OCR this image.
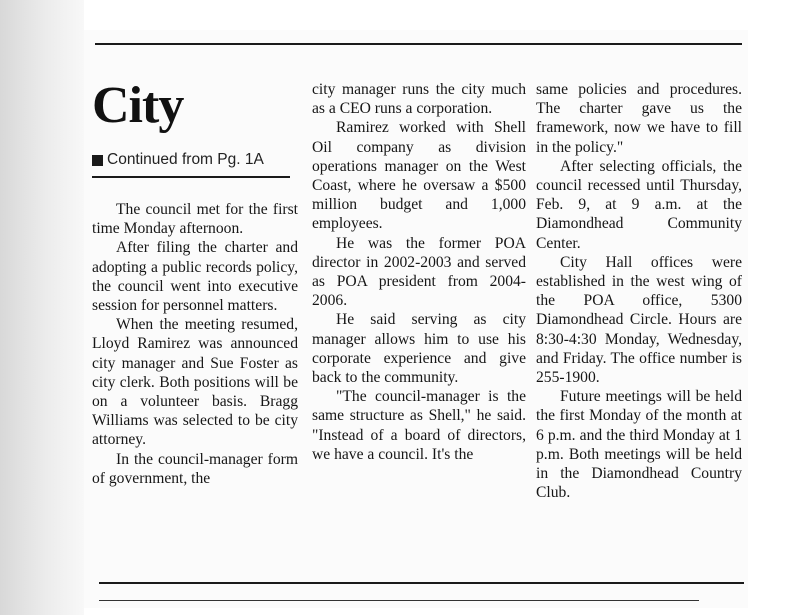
City
Continued from Pg. 1A

The council met for the first time Monday afternoon.

After filing the charter and adopting a public records policy, the council went into executive session for personnel matters.

When the meeting resumed, Lloyd Ramirez was announced city manager and Sue Foster as city clerk. Both positions will be on a volunteer basis. Bragg Williams was selected to be city attorney.

In the council-manager form of government, the

city manager runs the city much as a CEO runs a corporation.

Ramirez worked with Shell Oil company as division operations manager on the West Coast, where he oversaw a $500 million budget and 1,000 employees.

He was the former POA director in 2002-2003 and served as POA president from 2004-2006.

He said serving as city manager allows him to use his corporate experience and give back to the community.

"The council-manager is the same structure as Shell," he said. "Instead of a board of directors, we have a council. It's the

same policies and procedures. The charter gave us the framework, now we have to fill in the policy."

After selecting officials, the council recessed until Thursday, Feb. 9, at 9 a.m. at the Diamondhead Community Center.

City Hall offices were established in the west wing of the POA office, 5300 Diamondhead Circle. Hours are 8:30-4:30 Monday, Wednesday, and Friday. The office number is 255-1900.

Future meetings will be held the first Monday of the month at 6 p.m. and the third Monday at 1 p.m. Both meetings will be held in the Diamondhead Country Club.
